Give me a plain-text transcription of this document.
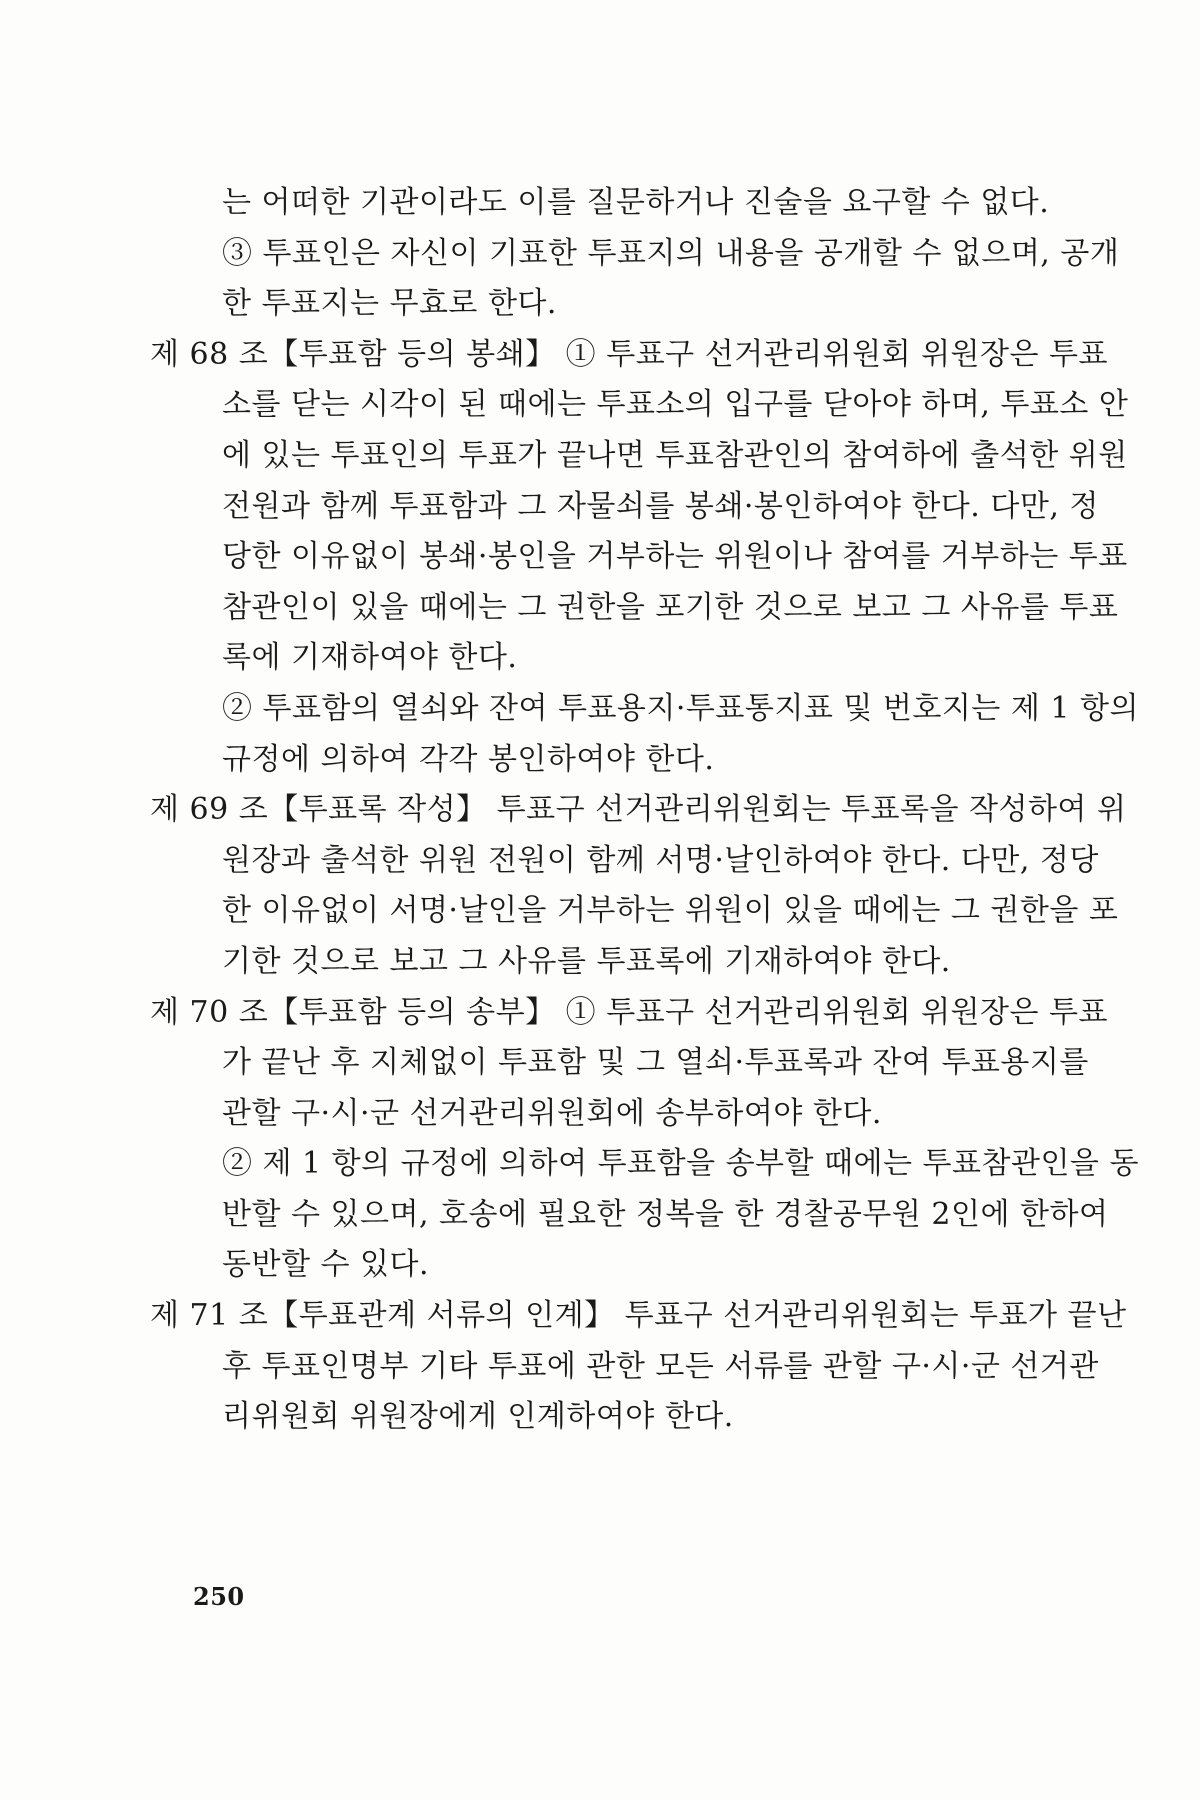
는 어떠한 기관이라도 이를 질문하거나 진술을 요구할 수 없다.
③ 투표인은 자신이 기표한 투표지의 내용을 공개할 수 없으며, 공개
한 투표지는 무효로 한다.
제 68 조【투표함 등의 봉쇄】 ① 투표구 선거관리위원회 위원장은 투표
소를 닫는 시각이 된 때에는 투표소의 입구를 닫아야 하며, 투표소 안
에 있는 투표인의 투표가 끝나면 투표참관인의 참여하에 출석한 위원
전원과 함께 투표함과 그 자물쇠를 봉쇄·봉인하여야 한다. 다만, 정
당한 이유없이 봉쇄·봉인을 거부하는 위원이나 참여를 거부하는 투표
참관인이 있을 때에는 그 권한을 포기한 것으로 보고 그 사유를 투표
록에 기재하여야 한다.
② 투표함의 열쇠와 잔여 투표용지·투표통지표 및 번호지는 제 1 항의
규정에 의하여 각각 봉인하여야 한다.
제 69 조【투표록 작성】 투표구 선거관리위원회는 투표록을 작성하여 위
원장과 출석한 위원 전원이 함께 서명·날인하여야 한다. 다만, 정당
한 이유없이 서명·날인을 거부하는 위원이 있을 때에는 그 권한을 포
기한 것으로 보고 그 사유를 투표록에 기재하여야 한다.
제 70 조【투표함 등의 송부】 ① 투표구 선거관리위원회 위원장은 투표
가 끝난 후 지체없이 투표함 및 그 열쇠·투표록과 잔여 투표용지를
관할 구·시·군 선거관리위원회에 송부하여야 한다.
② 제 1 항의 규정에 의하여 투표함을 송부할 때에는 투표참관인을 동
반할 수 있으며, 호송에 필요한 정복을 한 경찰공무원 2인에 한하여
동반할 수 있다.
제 71 조【투표관계 서류의 인계】 투표구 선거관리위원회는 투표가 끝난
후 투표인명부 기타 투표에 관한 모든 서류를 관할 구·시·군 선거관
리위원회 위원장에게 인계하여야 한다.
250
